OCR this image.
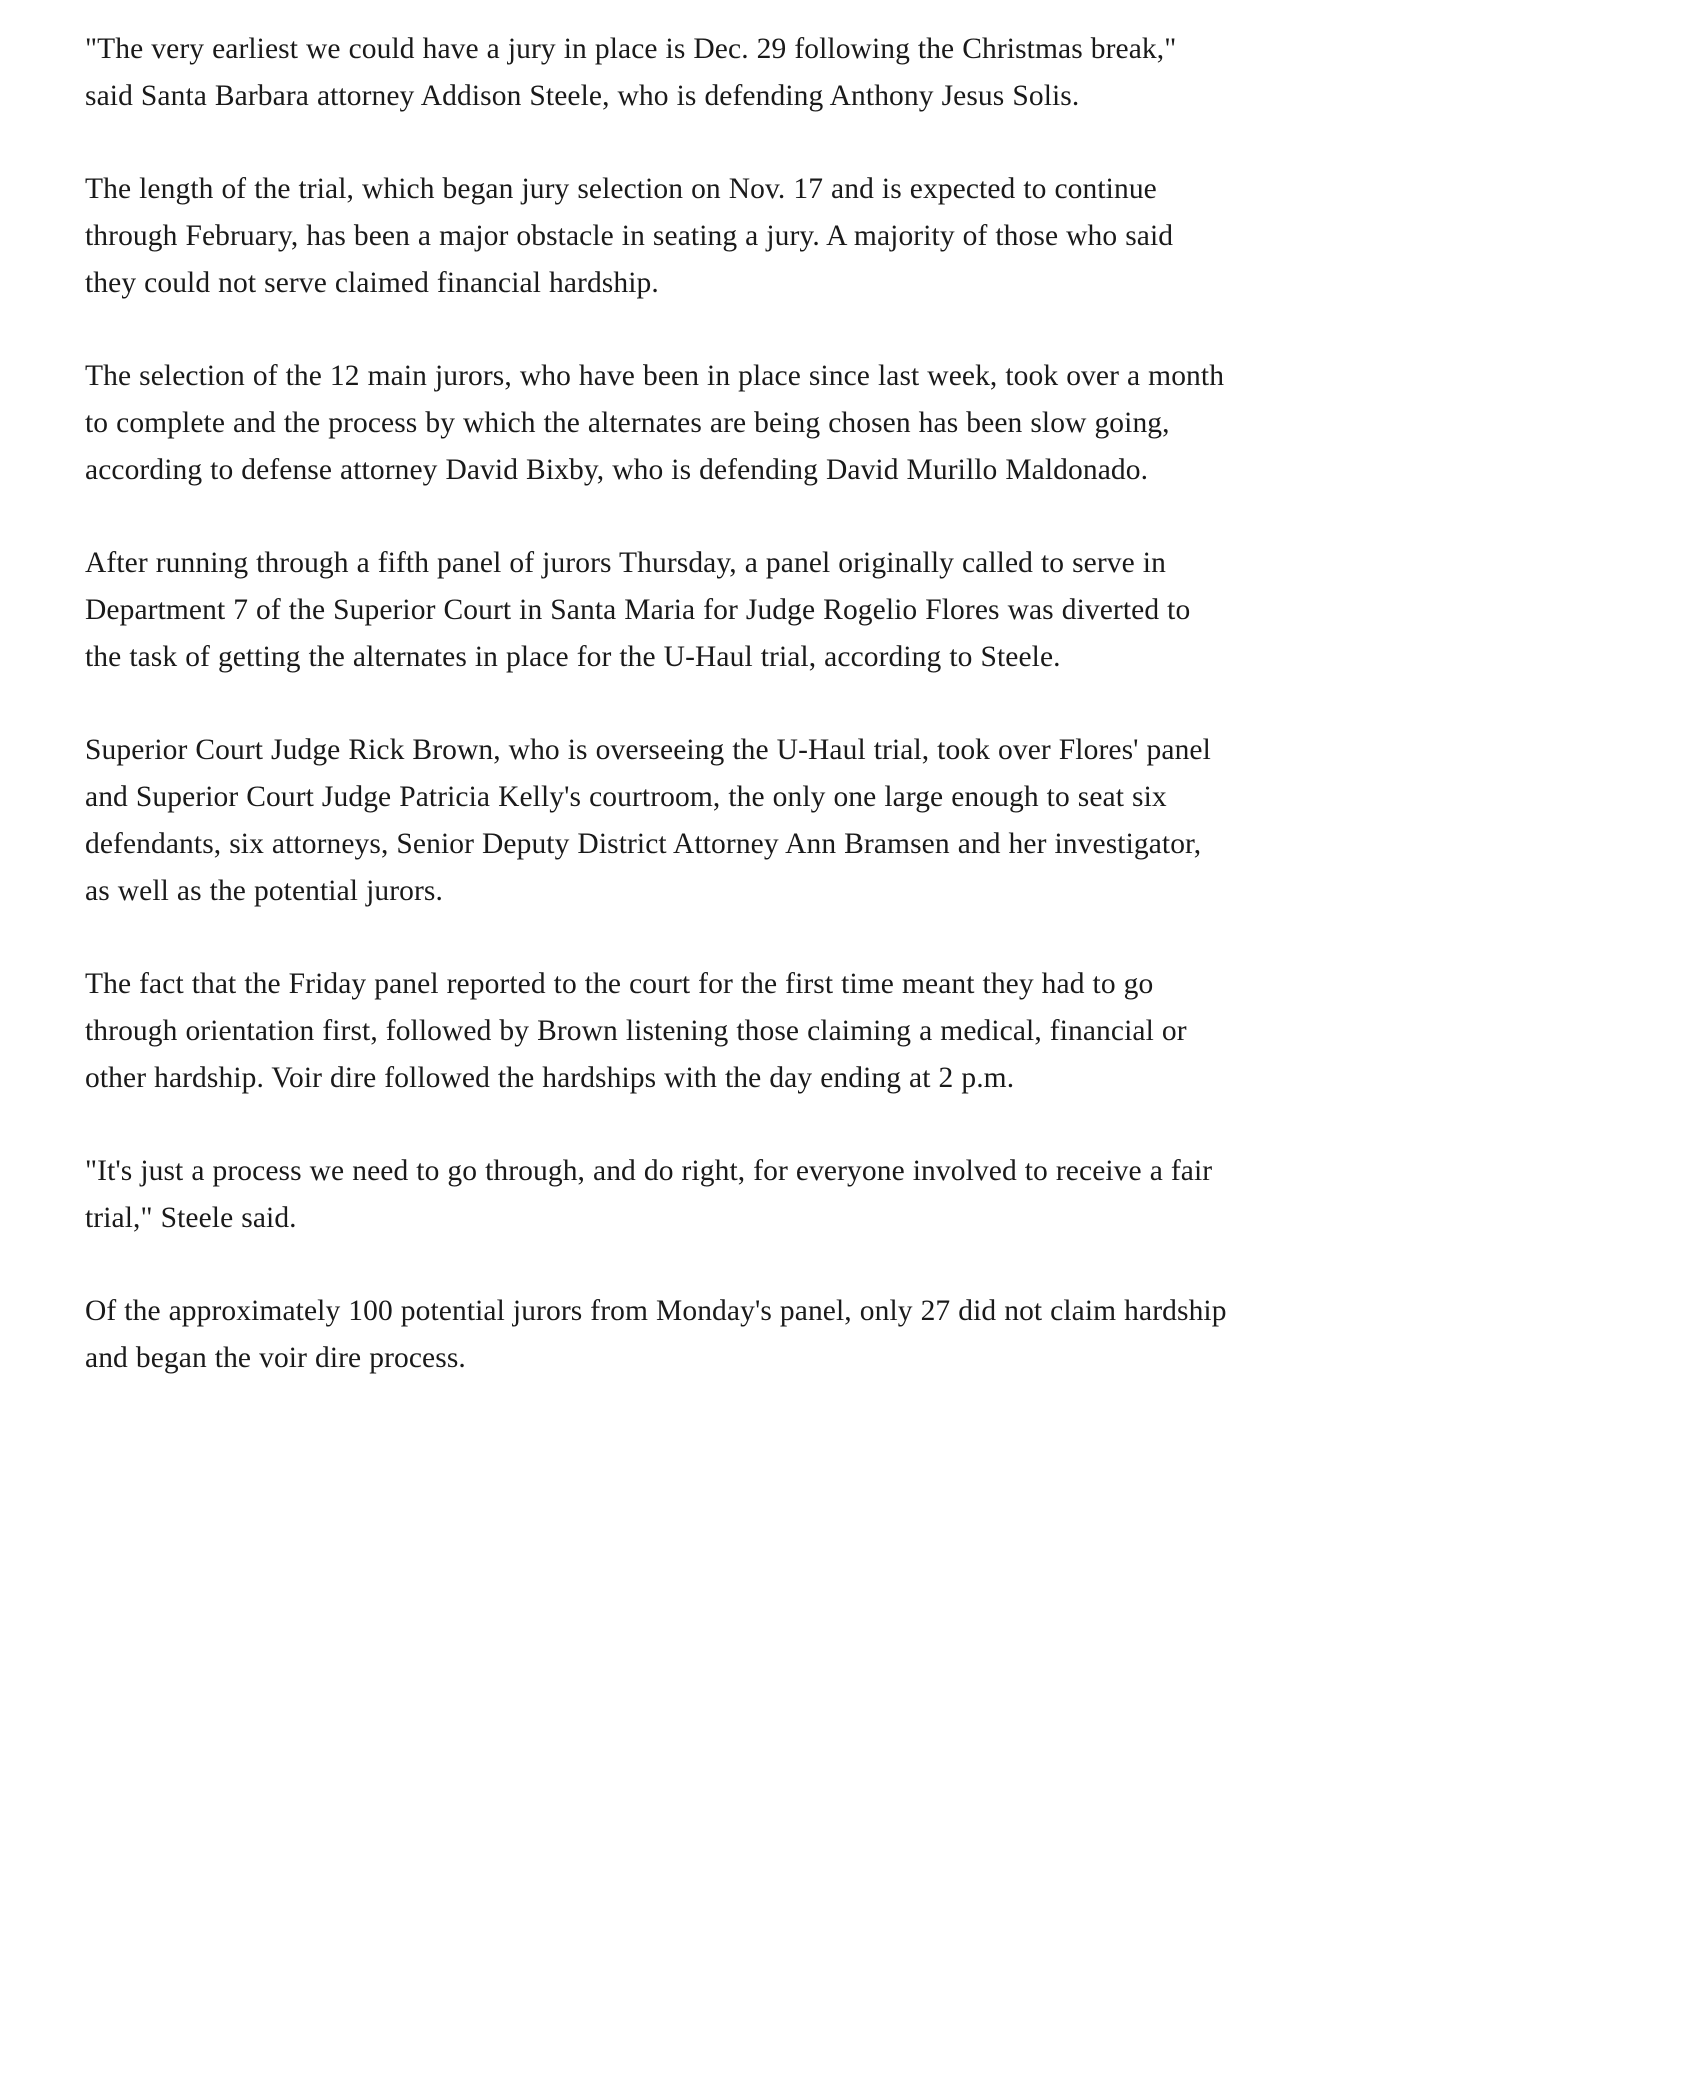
"The very earliest we could have a jury in place is Dec. 29 following the Christmas break," said Santa Barbara attorney Addison Steele, who is defending Anthony Jesus Solis.

The length of the trial, which began jury selection on Nov. 17 and is expected to continue through February, has been a major obstacle in seating a jury. A majority of those who said they could not serve claimed financial hardship.

The selection of the 12 main jurors, who have been in place since last week, took over a month to complete and the process by which the alternates are being chosen has been slow going, according to defense attorney David Bixby, who is defending David Murillo Maldonado.

After running through a fifth panel of jurors Thursday, a panel originally called to serve in Department 7 of the Superior Court in Santa Maria for Judge Rogelio Flores was diverted to the task of getting the alternates in place for the U-Haul trial, according to Steele.

Superior Court Judge Rick Brown, who is overseeing the U-Haul trial, took over Flores' panel and Superior Court Judge Patricia Kelly's courtroom, the only one large enough to seat six defendants, six attorneys, Senior Deputy District Attorney Ann Bramsen and her investigator, as well as the potential jurors.

The fact that the Friday panel reported to the court for the first time meant they had to go through orientation first, followed by Brown listening those claiming a medical, financial or other hardship. Voir dire followed the hardships with the day ending at 2 p.m.

"It's just a process we need to go through, and do right, for everyone involved to receive a fair trial," Steele said.

Of the approximately 100 potential jurors from Monday's panel, only 27 did not claim hardship and began the voir dire process.
